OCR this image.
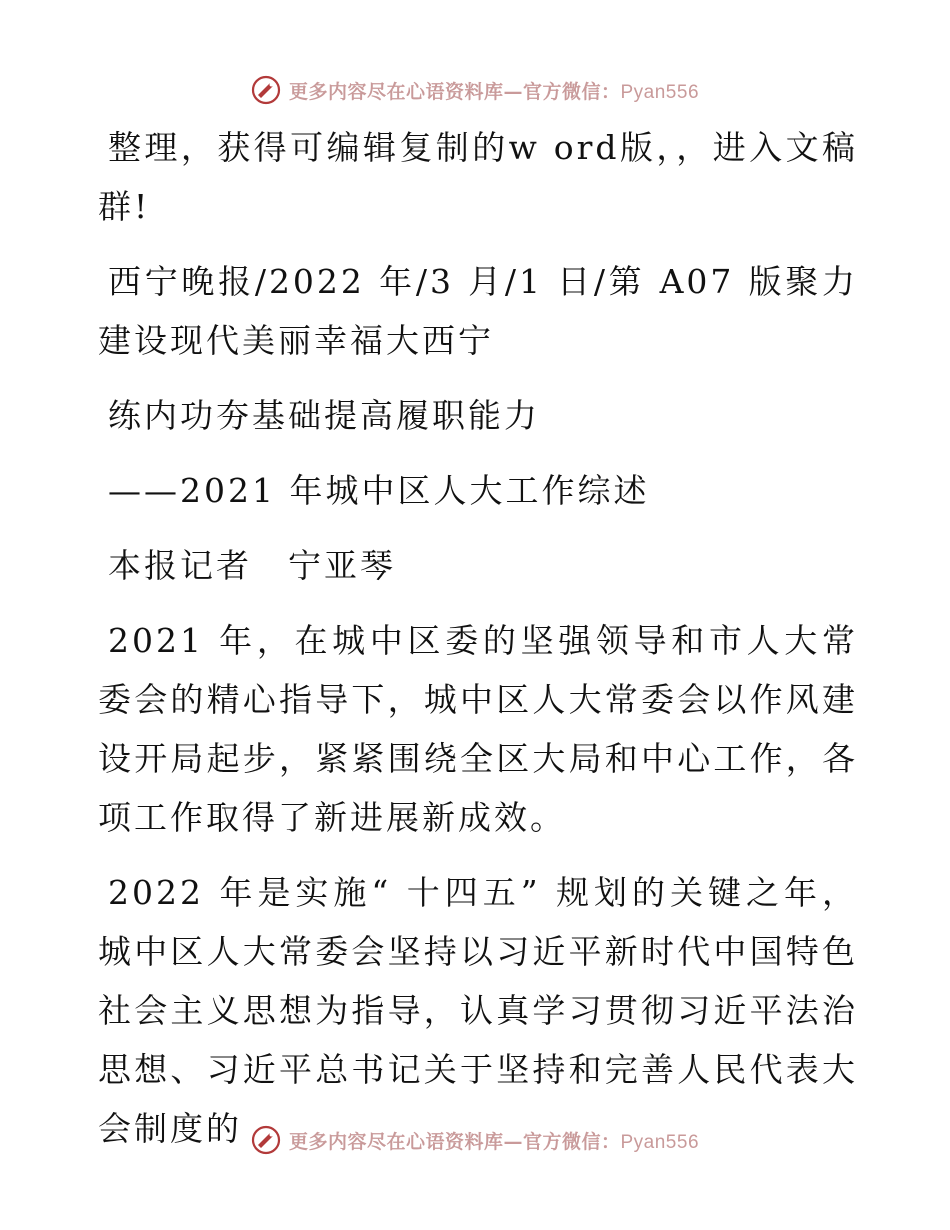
更多内容尽在心语资料库—官方微信：Pyan556

整理，获得可编辑复制的w ord版，，进入文稿群!

西宁晚报/2022 年/3 月/1 日/第 A07 版聚力建设现代美丽幸福大西宁

练内功夯基础提高履职能力

——2021 年城中区人大工作综述

本报记者　宁亚琴

2021 年，在城中区委的坚强领导和市人大常委会的精心指导下，城中区人大常委会以作风建设开局起步，紧紧围绕全区大局和中心工作，各项工作取得了新进展新成效。

2022 年是实施“ 十四五” 规划的关键之年，城中区人大常委会坚持以习近平新时代中国特色社会主义思想为指导，认真学习贯彻习近平法治思想、习近平总书记关于坚持和完善人民代表大会制度的	更多内容尽在心语资料库—官方微信：Pyan556
